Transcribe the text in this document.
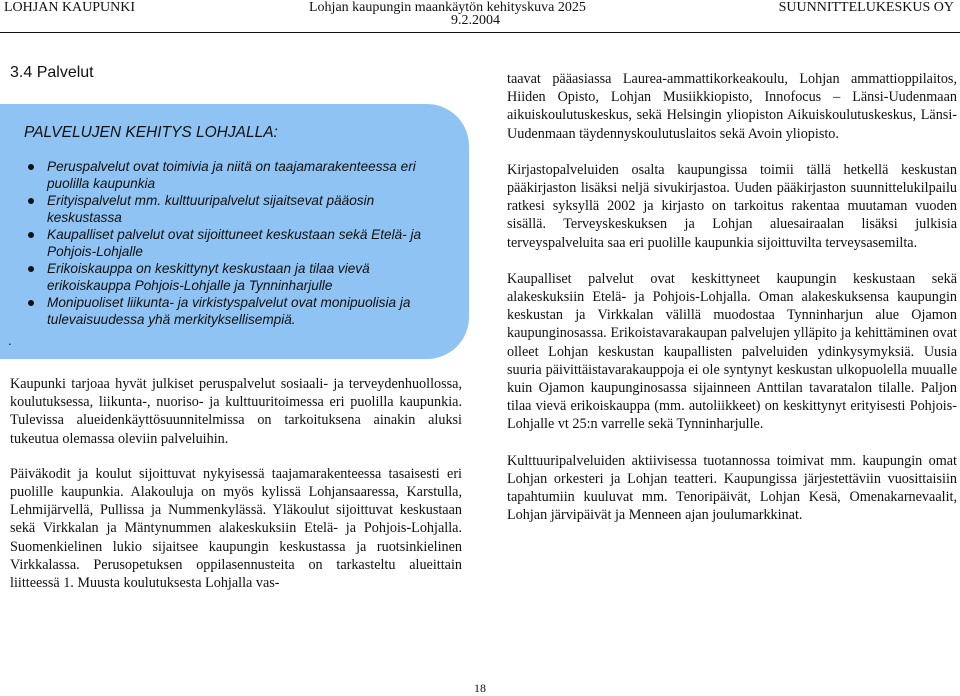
LOHJAN KAUPUNKI	Lohjan kaupungin maankäytön kehityskuva 2025
9.2.2004
SUUNNITTELUKESKUS OY
3.4 Palvelut
PALVELUJEN KEHITYS LOHJALLA:
Peruspalvelut ovat toimivia ja niitä on taajamarakenteessa eri puolilla kaupunkia
Erityispalvelut mm. kulttuuripalvelut sijaitsevat pääosin keskustassa
Kaupalliset palvelut ovat sijoittuneet keskustaan sekä Etelä- ja Pohjois-Lohjalle
Erikoiskauppa on keskittynyt keskustaan ja tilaa vievä erikoiskauppa Pohjois-Lohjalle ja Tynninharjulle
Monipuoliset liikunta- ja virkistyspalvelut ovat monipuolisia ja tulevaisuudessa yhä merkityksellisempiä.
.

Kaupunki tarjoaa hyvät julkiset peruspalvelut sosiaali- ja terveydenhuollossa, koulutuksessa, liikunta-, nuoriso- ja kulttuuritoimessa eri puolilla kaupunkia. Tulevissa alueidenkäyttösuunnitelmissa on tarkoituksena ainakin aluksi tukeutua olemassa oleviin palveluihin.

Päiväkodit ja koulut sijoittuvat nykyisessä taajamarakenteessa tasaisesti eri puolille kaupunkia. Alakouluja on myös kylissä Lohjansaaressa, Karstulla, Lehmijärvellä, Pullissa ja Nummenkylässä. Yläkoulut sijoittuvat keskustaan sekä Virkkalan ja Mäntynummen alakeskuksiin Etelä- ja Pohjois-Lohjalla. Suomenkielinen lukio sijaitsee kaupungin keskustassa ja ruotsinkielinen Virkkalassa. Perusopetuksen oppilasennusteita on tarkasteltu alueittain liitteessä 1. Muusta koulutuksesta Lohjalla vas-

taavat pääasiassa Laurea-ammattikorkeakoulu, Lohjan ammattioppilaitos, Hiiden Opisto, Lohjan Musiikkiopisto, Innofocus – Länsi-Uudenmaan aikuiskoulutuskeskus, sekä Helsingin yliopiston Aikuiskoulutuskeskus, Länsi-Uudenmaan täydennyskoulutuslaitos sekä Avoin yliopisto.

Kirjastopalveluiden osalta kaupungissa toimii tällä hetkellä keskustan pääkirjaston lisäksi neljä sivukirjastoa. Uuden pääkirjaston suunnittelukilpailu ratkesi syksyllä 2002 ja kirjasto on tarkoitus rakentaa muutaman vuoden sisällä. Terveyskeskuksen ja Lohjan aluesairaalan lisäksi julkisia terveyspalveluita saa eri puolille kaupunkia sijoittuvilta terveysasemilta.

Kaupalliset palvelut ovat keskittyneet kaupungin keskustaan sekä alakeskuksiin Etelä- ja Pohjois-Lohjalla. Oman alakeskuksensa kaupungin keskustan ja Virkkalan välillä muodostaa Tynninharjun alue Ojamon kaupunginosassa. Erikoistavarakaupan palvelujen ylläpito ja kehittäminen ovat olleet Lohjan keskustan kaupallisten palveluiden ydinkysymyksiä. Uusia suuria päivittäistavarakauppoja ei ole syntynyt keskustan ulkopuolella muualle kuin Ojamon kaupunginosassa sijainneen Anttilan tavaratalon tilalle. Paljon tilaa vievä erikoiskauppa (mm. autoliikkeet) on keskittynyt erityisesti Pohjois-Lohjalle vt 25:n varrelle sekä Tynninharjulle.

Kulttuuripalveluiden aktiivisessa tuotannossa toimivat mm. kaupungin omat Lohjan orkesteri ja Lohjan teatteri. Kaupungissa järjestettäviin vuosittaisiin tapahtumiin kuuluvat mm. Tenoripäivät, Lohjan Kesä, Omenakarnevaalit, Lohjan järvipäivät ja Menneen ajan joulumarkkinat.

18
